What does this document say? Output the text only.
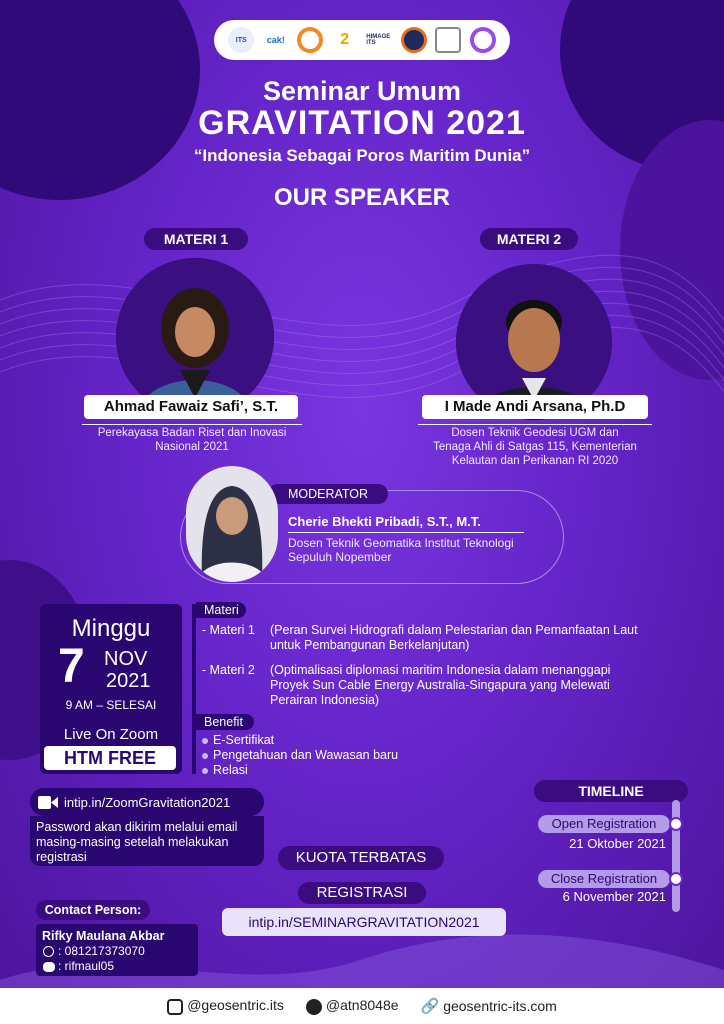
ITS cak!	2	HIMAGE ITS
Seminar Umum
GRAVITATION 2021
“Indonesia Sebagai Poros Maritim Dunia”
OUR SPEAKER
MATERI 1
Ahmad Fawaiz Safi’, S.T.
Perekayasa Badan Riset dan Inovasi
Nasional 2021
MATERI 2
I Made Andi Arsana, Ph.D
Dosen Teknik Geodesi UGM dan
Tenaga Ahli di Satgas 115, Kementerian
Kelautan dan Perikanan RI 2020
MODERATOR
Cherie Bhekti Pribadi, S.T., M.T.
Dosen Teknik Geomatika Institut Teknologi
Sepuluh Nopember
Minggu
7 NOV
2021
9 AM – SELESAI
Live On Zoom
HTM FREE
Materi
- Materi 1 (Peran Survei Hidrografi dalam Pelestarian dan Pemanfaatan Laut
untuk Pembangunan Berkelanjutan)
- Materi 2 (Optimalisasi diplomasi maritim Indonesia dalam menanggapi
Proyek Sun Cable Energy Australia-Singapura yang Melewati
Perairan Indonesia)
Benefit
E-Sertifikat
Pengetahuan dan Wawasan baru
Relasi
intip.in/ZoomGravitation2021
Password akan dikirim melalui email
masing-masing setelah melakukan
registrasi	KUOTA TERBATAS
REGISTRASI
intip.in/SEMINARGRAVITATION2021
TIMELINE
Open Registration
21 Oktober 2021
Close Registration
6 November 2021
Contact Person:
Rifky Maulana Akbar
: 081217373070
: rifmaul05
@geosentric.its	@atn8048e 🔗 geosentric-its.com
